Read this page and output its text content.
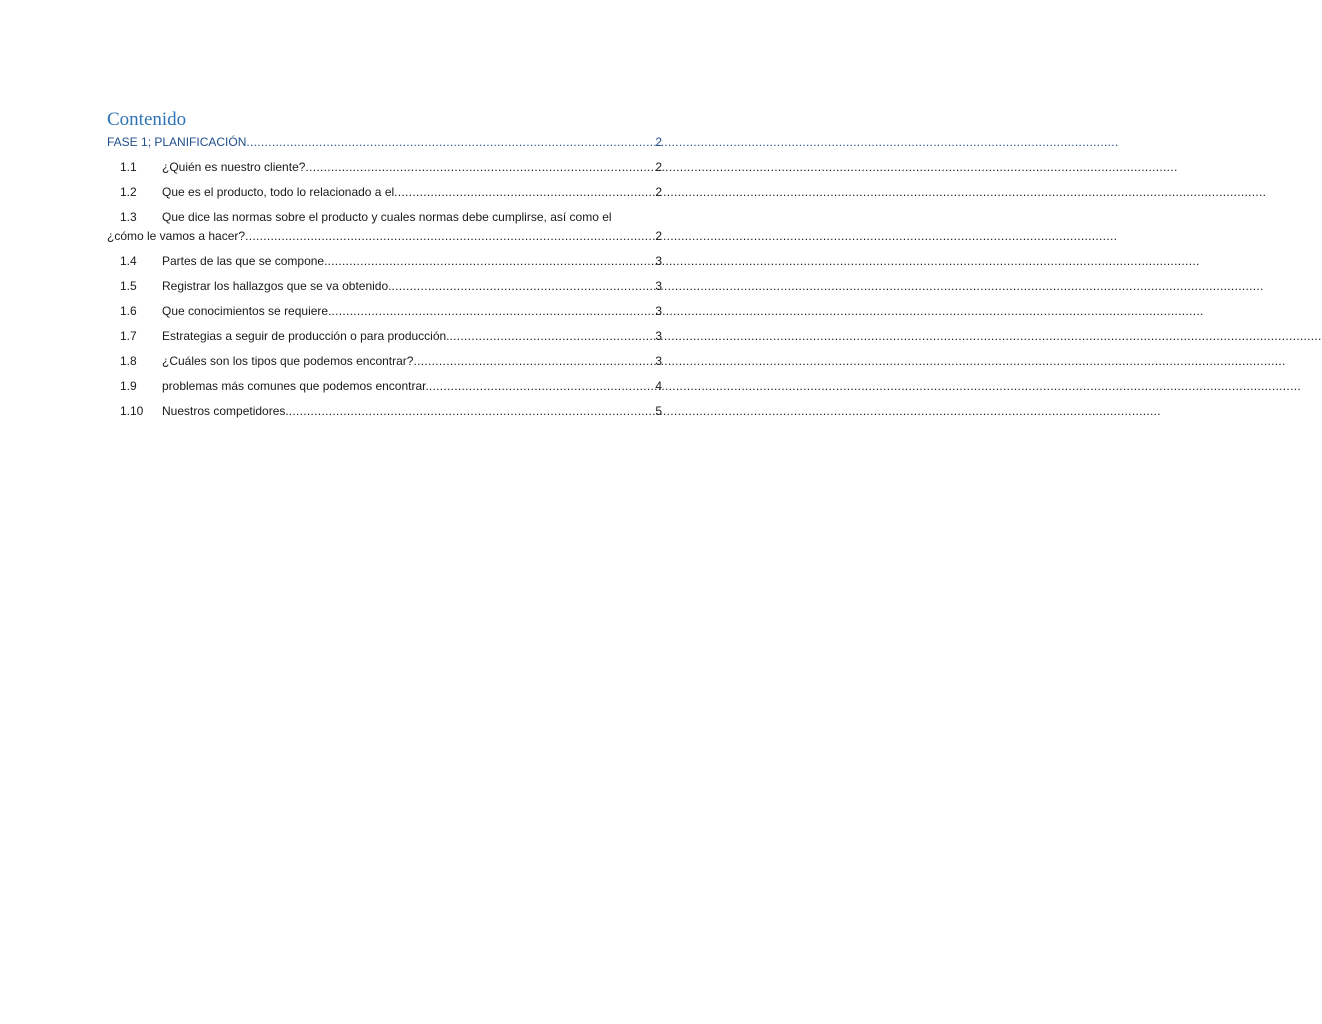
Contenido
FASE 1; PLANIFICACIÓN .....	2
1.1 ¿Quién es nuestro cliente? .....	2
1.2 Que es el producto, todo lo relacionado a el .....	2
1.3 Que dice las normas sobre el producto y cuales normas debe cumplirse, así como el
¿cómo le vamos a hacer? .....	2
1.4 Partes de las que se compone. .....	3
1.5 Registrar los hallazgos que se va obtenido. .....	3
1.6 Que conocimientos se requiere. .....	3
1.7 Estrategias a seguir de producción o para producción. .....	3
1.8 ¿Cuáles son los tipos que podemos encontrar? .....	3
1.9 problemas más comunes que podemos encontrar. .....	4
1.10 Nuestros competidores. .....	5
